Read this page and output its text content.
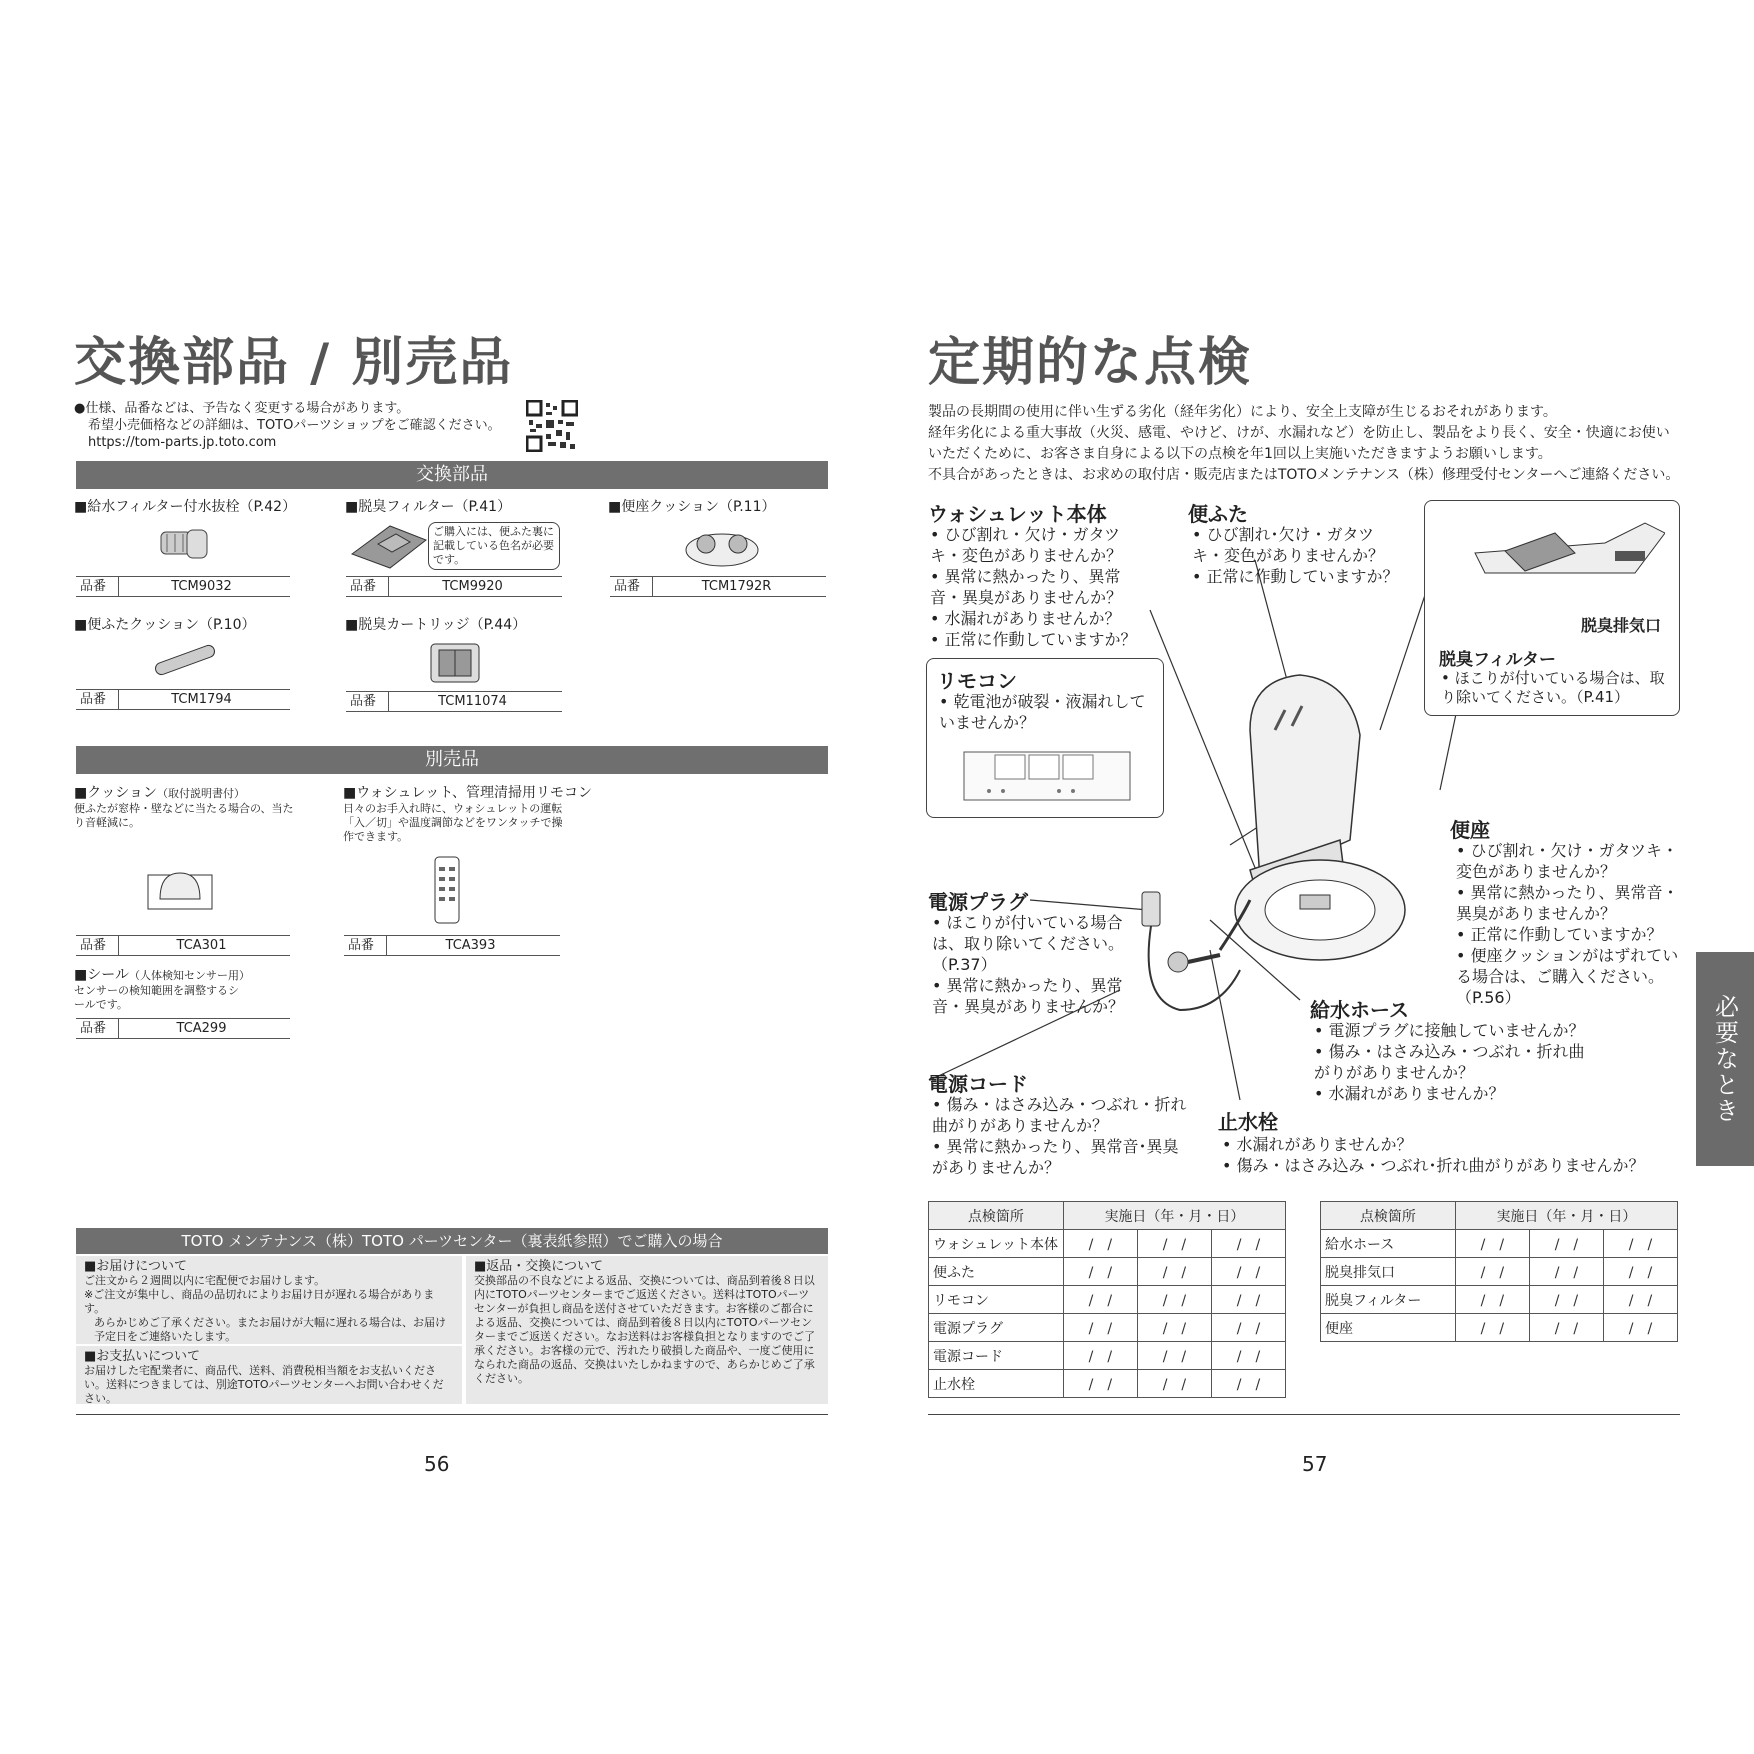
交換部品 / 別売品
●仕様、品番などは、予告なく変更する場合があります。
希望小売価格などの詳細は、TOTOパーツショップをご確認ください。
https://tom-parts.jp.toto.com
交換部品
■給水フィルター付水抜栓（P.42）
品番	TCM9032
■脱臭フィルター（P.41）
ご購入には、便ふた裏に記載している色名が必要です。
品番	TCM9920
■便座クッション（P.11）
品番	TCM1792R
■便ふたクッション（P.10）
品番	TCM1794
■脱臭カートリッジ（P.44）
品番	TCM11074
別売品
■クッション（取付説明書付）
便ふたが窓枠・壁などに当たる場合の、当たり音軽減に。
品番	TCA301
■ウォシュレット、管理清掃用リモコン
日々のお手入れ時に、ウォシュレットの運転「入／切」や温度調節などをワンタッチで操作できます。
品番	TCA393
■シール（人体検知センサー用）
センサーの検知範囲を調整するシールです。
品番	TCA299
TOTO メンテナンス（株）TOTO パーツセンター（裏表紙参照）でご購入の場合
■お届けについて
ご注文から２週間以内に宅配便でお届けします。
※ご注文が集中し、商品の品切れによりお届け日が遅れる場合があります。
あらかじめご了承ください。またお届けが大幅に遅れる場合は、お届け予定日をご連絡いたします。
■お支払いについて
お届けした宅配業者に、商品代、送料、消費税相当額をお支払いください。送料につきましては、別途TOTOパーツセンターへお問い合わせください。
■返品・交換について
交換部品の不良などによる返品、交換については、商品到着後８日以内にTOTOパーツセンターまでご返送ください。送料はTOTOパーツセンターが負担し商品を送付させていただきます。お客様のご都合による返品、交換については、商品到着後８日以内にTOTOパーツセンターまでご返送ください。なお送料はお客様負担となりますのでご了承ください。お客様の元で、汚れたり破損した商品や、一度ご使用になられた商品の返品、交換はいたしかねますので、あらかじめご了承ください。
56
定期的な点検
製品の長期間の使用に伴い生ずる劣化（経年劣化）により、安全上支障が生じるおそれがあります。
経年劣化による重大事故（火災、感電、やけど、けが、水漏れなど）を防止し、製品をより長く、安全・快適にお使いいただくために、お客さま自身による以下の点検を年1回以上実施いただきますようお願いします。
不具合があったときは、お求めの取付店・販売店またはTOTOメンテナンス（株）修理受付センターへご連絡ください。
脱臭排気口
脱臭フィルター
• ほこりが付いている場合は、取り除いてください。（P.41）
ウォシュレット本体
• ひび割れ・欠け・ガタツキ・変色がありませんか？
• 異常に熱かったり、異常音・異臭がありませんか？
• 水漏れがありませんか？
• 正常に作動していますか？
便ふた
• ひび割れ･欠け・ガタツキ・変色がありませんか？
• 正常に作動していますか？
リモコン
• 乾電池が破裂・液漏れしていませんか？
便座
• ひび割れ・欠け・ガタツキ・変色がありませんか？
• 異常に熱かったり、異常音・異臭がありませんか？
• 正常に作動していますか？
• 便座クッションがはずれている場合は、ご購入ください。（P.56）
電源プラグ
• ほこりが付いている場合は、取り除いてください。（P.37）
• 異常に熱かったり、異常音・異臭がありませんか？	給水ホース
• 電源プラグに接触していませんか？
• 傷み・はさみ込み・つぶれ・折れ曲がりがありませんか？
• 水漏れがありませんか？
電源コード
• 傷み・はさみ込み・つぶれ・折れ曲がりがありませんか？
• 異常に熱かったり、異常音･異臭がありませんか？
止水栓
• 水漏れがありませんか？
• 傷み・はさみ込み・つぶれ･折れ曲がりがありませんか？
点検箇所	実施日（年・月・日）		
ウォシュレット本体	/　/	/　/	/　/
便ふた	/　/	/　/	/　/
リモコン	/　/	/　/	/　/
電源プラグ	/　/	/　/	/　/
電源コード	/　/	/　/	/　/
止水栓	/　/	/　/	/　/
点検箇所	実施日（年・月・日）		
給水ホース	/　/	/　/	/　/
脱臭排気口	/　/	/　/	/　/
脱臭フィルター	/　/	/　/	/　/
便座	/　/	/　/	/　/
57
必要なとき
